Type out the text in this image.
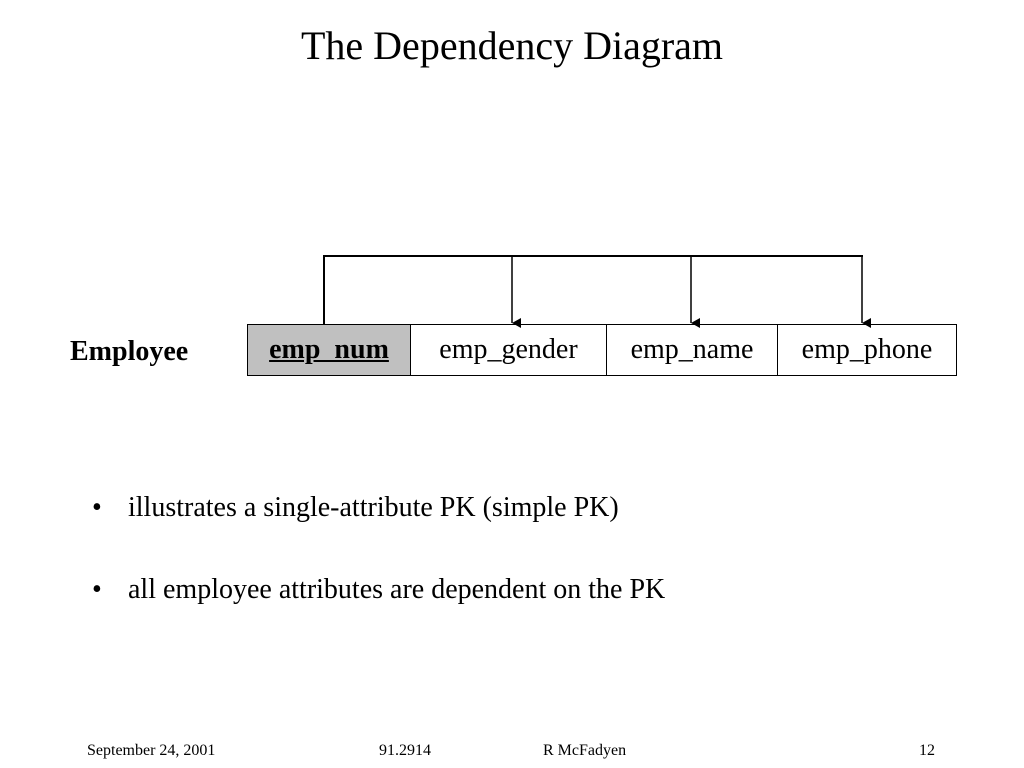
The Dependency Diagram
Employee	emp_num	emp_gender	emp_name	emp_phone
• illustrates a single-attribute PK (simple PK)
• all employee attributes are dependent on the PK
September 24, 2001	91.2914	R McFadyen	12
